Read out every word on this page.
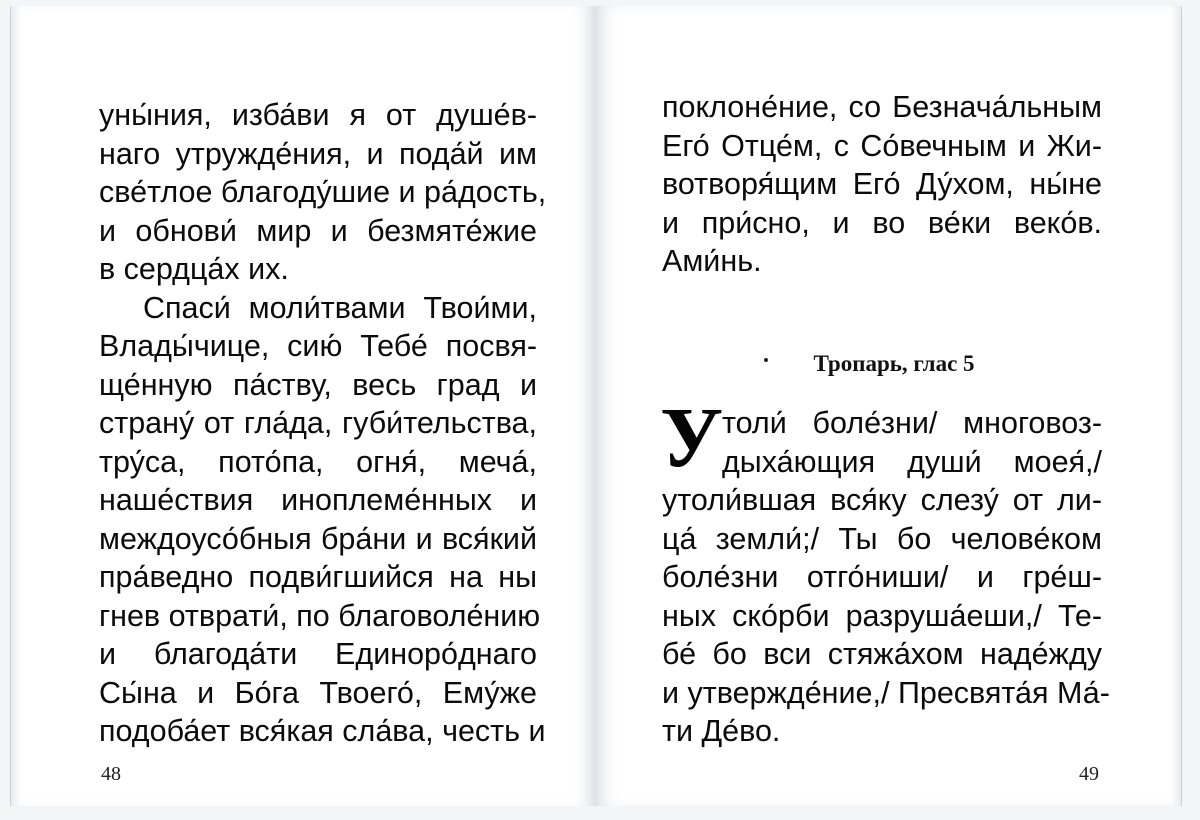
уны́ния, изба́ви я от душе́в-
наго утружде́ния, и пода́й им
све́тлое благоду́шие и ра́дость,
и обнови́ мир и безмяте́жие
в сердца́х их.
Спаси́ моли́твами Твои́ми,
Влады́чице, сию́ Тебе́ посвя-
ще́нную па́ству, весь град и
страну́ от гла́да, губи́тельства,
тру́са, пото́па, огня́, меча́,
наше́ствия иноплеме́нных и
междоусо́бныя бра́ни и вся́кий
пра́ведно подви́гшийся на ны
гнев отврати́, по благоволе́нию
и благода́ти Единоро́днаго
Сы́на и Бо́га Твоего́, Ему́же
подоба́ет вся́кая сла́ва, честь и

48

поклоне́ние, со Безнача́льным
Его́ Отце́м, с Со́вечным и Жи-
вотворя́щим Его́ Ду́хом, ны́не
и при́сно, и во ве́ки веко́в.
Ами́нь.

Тропарь, глас 5

У

толи́ боле́зни/ многовоз-
дыха́ющия души́ моея́,/
утоли́вшая вся́ку слезу́ от ли-
ца́ земли́;/ Ты бо челове́ком
боле́зни отго́ниши/ и гре́ш-
ных ско́рби разруша́еши,/ Те-
бе́ бо вси стяжа́хом наде́жду
и утвержде́ние,/ Пресвята́я Ма́-
ти Де́во.

49
